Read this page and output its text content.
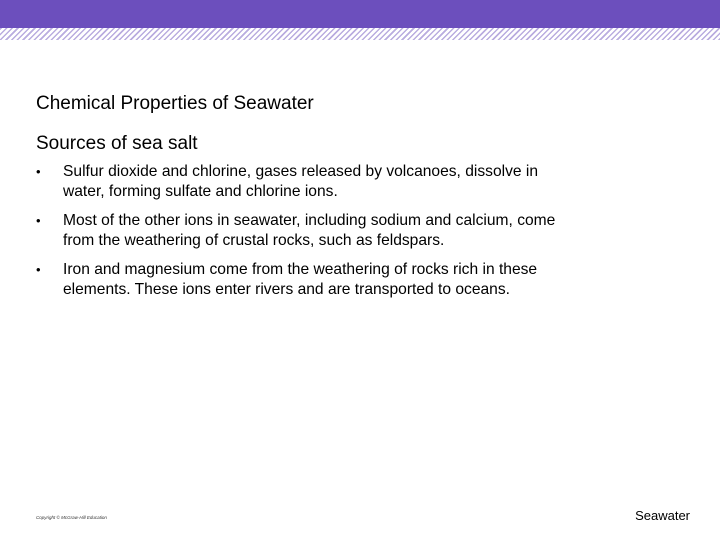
Chemical Properties of Seawater
Sources of sea salt
• Sulfur dioxide and chlorine, gases released by volcanoes, dissolve in
water, forming sulfate and chlorine ions.
• Most of the other ions in seawater, including sodium and calcium, come
from the weathering of crustal rocks, such as feldspars.
• Iron and magnesium come from the weathering of rocks rich in these
elements. These ions enter rivers and are transported to oceans.
Copyright © McGraw-Hill Education	Seawater
